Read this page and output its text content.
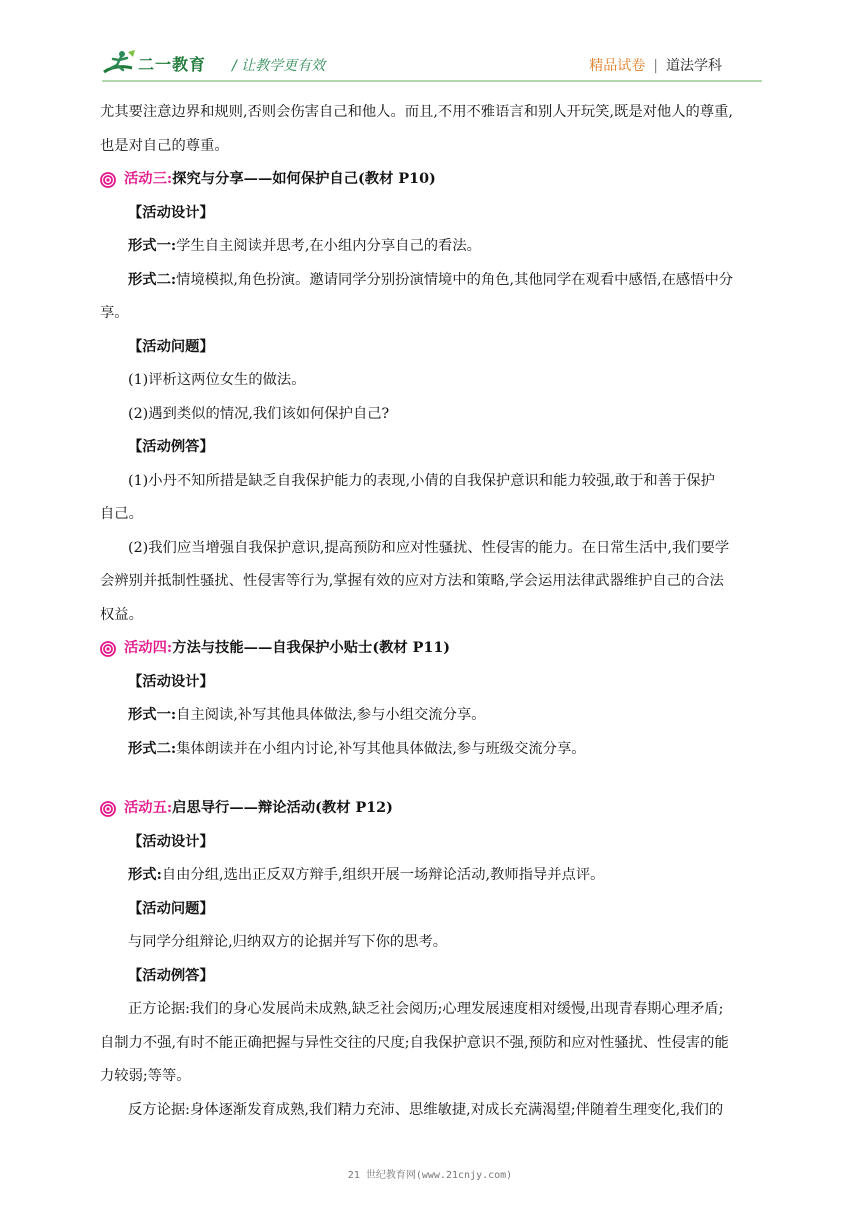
二一教育 / 让教学更有效	精品试卷 | 道法学科
尤其要注意边界和规则,否则会伤害自己和他人。而且,不用不雅语言和别人开玩笑,既是对他人的尊重,
也是对自己的尊重。
活动三: 探究与分享——如何保护自己(教材 P10)
【活动设计】
形式一:学生自主阅读并思考,在小组内分享自己的看法。
形式二:情境模拟,角色扮演。邀请同学分别扮演情境中的角色,其他同学在观看中感悟,在感悟中分
享。
【活动问题】
(1)评析这两位女生的做法。
(2)遇到类似的情况,我们该如何保护自己?
【活动例答】
(1)小丹不知所措是缺乏自我保护能力的表现,小倩的自我保护意识和能力较强,敢于和善于保护
自己。
(2)我们应当增强自我保护意识,提高预防和应对性骚扰、性侵害的能力。在日常生活中,我们要学
会辨别并抵制性骚扰、性侵害等行为,掌握有效的应对方法和策略,学会运用法律武器维护自己的合法
权益。
活动四: 方法与技能——自我保护小贴士(教材 P11)
【活动设计】
形式一:自主阅读,补写其他具体做法,参与小组交流分享。
形式二:集体朗读并在小组内讨论,补写其他具体做法,参与班级交流分享。
活动五: 启思导行——辩论活动(教材 P12)
【活动设计】
形式:自由分组,选出正反双方辩手,组织开展一场辩论活动,教师指导并点评。
【活动问题】
与同学分组辩论,归纳双方的论据并写下你的思考。
【活动例答】
正方论据:我们的身心发展尚未成熟,缺乏社会阅历;心理发展速度相对缓慢,出现青春期心理矛盾;
自制力不强,有时不能正确把握与异性交往的尺度;自我保护意识不强,预防和应对性骚扰、性侵害的能
力较弱;等等。
反方论据:身体逐渐发育成熟,我们精力充沛、思维敏捷,对成长充满渴望;伴随着生理变化,我们的
21 世纪教育网(www.21cnjy.com)
